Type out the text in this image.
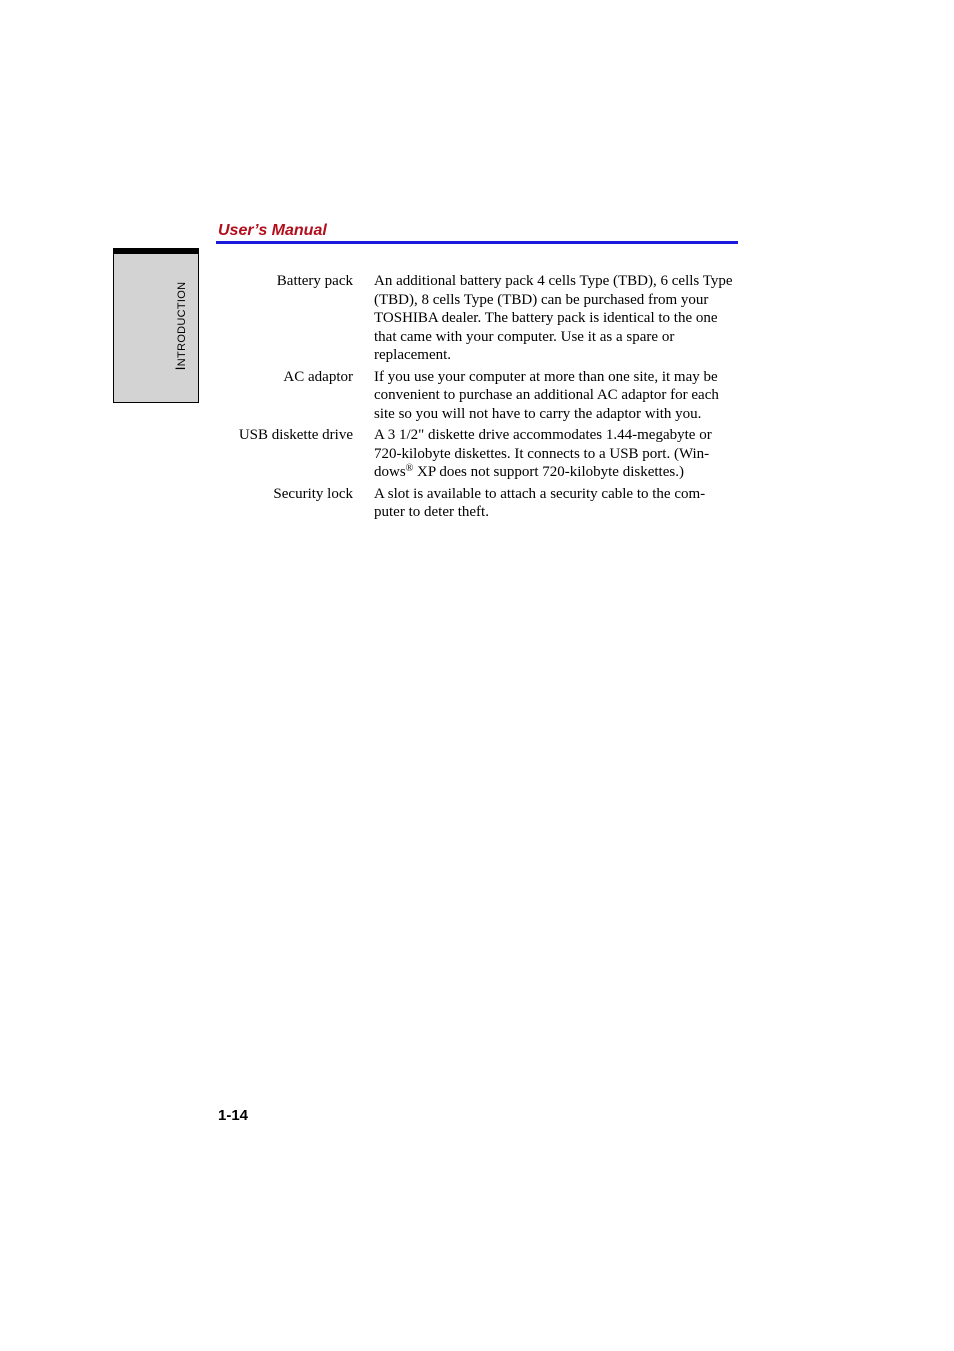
User’s Manual
INTRODUCTION
Battery pack An additional battery pack 4 cells Type (TBD), 6 cells Type (TBD), 8 cells Type (TBD) can be purchased from your TOSHIBA dealer. The battery pack is identical to the one that came with your computer. Use it as a spare or replacement.
AC adaptor If you use your computer at more than one site, it may be convenient to purchase an additional AC adaptor for each site so you will not have to carry the adaptor with you.
USB diskette drive A 3 1/2" diskette drive accommodates 1.44-megabyte or 720-kilobyte diskettes. It connects to a USB port. (Win- dows® XP does not support 720-kilobyte diskettes.)
Security lock A slot is available to attach a security cable to the com- puter to deter theft.
1-14
